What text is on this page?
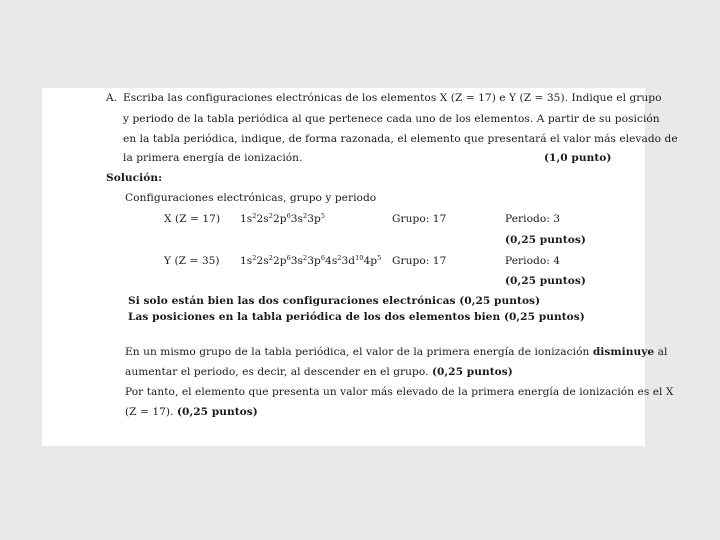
A. Escriba las configuraciones electrónicas de los elementos X (Z = 17) e Y (Z = 35). Indique el grupo
y periodo de la tabla periódica al que pertenece cada uno de los elementos. A partir de su posición
en la tabla periódica, indique, de forma razonada, el elemento que presentará el valor más elevado de
la primera energía de ionización.	(1,0 punto)
Solución:
Configuraciones electrónicas, grupo y periodo
X (Z = 17) $1s^22s^22p^63s^23p^5$	Grupo: 17	Periodo: 3
(0,25 puntos)
Y (Z = 35) $1s^22s^22p^63s^23p^64s^23d^{10}4p^5$ Grupo: 17	Periodo: 4
(0,25 puntos)
Si solo están bien las dos configuraciones electrónicas (0,25 puntos)
Las posiciones en la tabla periódica de los dos elementos bien (0,25 puntos)
En un mismo grupo de la tabla periódica, el valor de la primera energía de ionización disminuye al
aumentar el periodo, es decir, al descender en el grupo. (0,25 puntos)
Por tanto, el elemento que presenta un valor más elevado de la primera energía de ionización es el X
(Z = 17). (0,25 puntos)
